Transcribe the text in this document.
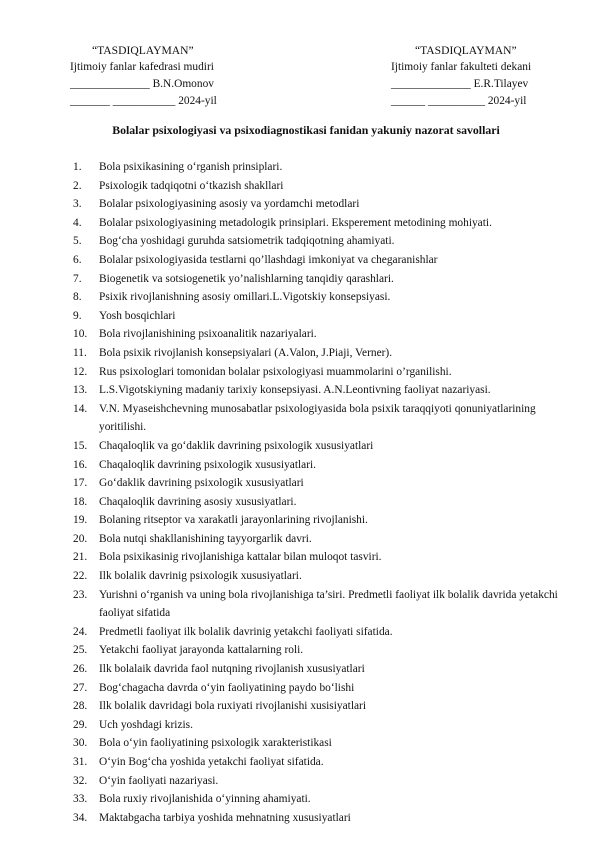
“TASDIQLAYMAN”
Ijtimoiy fanlar kafedrasi mudiri
______________ B.N.Omonov
_______ ___________ 2024-yil
“TASDIQLAYMAN”
Ijtimoiy fanlar fakulteti dekani
______________ E.R.Tilayev
______ __________ 2024-yil
Bolalar psixologiyasi va psixodiagnostikasi fanidan yakuniy nazorat savollari
1.	Bola psixikasining o‘rganish prinsiplari.
2.	Psixologik tadqiqotni o‘tkazish shakllari
3.	Bolalar psixologiyasining asosiy va yordamchi metodlari
4.	Bolalar psixologiyasining metadologik prinsiplari. Eksperement metodining mohiyati.
5.	Bog‘cha yoshidagi guruhda satsiometrik tadqiqotning ahamiyati.
6.	Bolalar psixologiyasida testlarni qo’llashdagi imkoniyat va chegaranishlar
7.	Biogenetik va sotsiogenetik yo’nalishlarning tanqidiy qarashlari.
8.	Psixik rivojlanishning asosiy omillari.L.Vigotskiy konsepsiyasi.
9.	Yosh bosqichlari
10.	Bola rivojlanishining psixoanalitik nazariyalari.
11.	Bola psixik rivojlanish konsepsiyalari (A.Valon, J.Piaji, Verner).
12.	Rus psixologlari tomonidan bolalar psixologiyasi muammolarini o’rganilishi.
13.	L.S.Vigotskiyning madaniy tarixiy konsepsiyasi. A.N.Leontivning faoliyat nazariyasi.
14.	V.N. Myaseishchevning munosabatlar psixologiyasida bola psixik taraqqiyoti qonuniyatlarining yoritilishi.
15.	Chaqaloqlik va go‘daklik davrining psixologik xususiyatlari
16.	Chaqaloqlik davrining psixologik xususiyatlari.
17.	Go‘daklik davrining psixologik xususiyatlari
18.	Chaqaloqlik davrining asosiy xususiyatlari.
19.	Bolaning ritseptor va xarakatli jarayonlarining rivojlanishi.
20.	Bola nutqi shakllanishining tayyorgarlik davri.
21.	Bola psixikasinig rivojlanishiga kattalar bilan muloqot tasviri.
22.	Ilk bolalik davrinig psixologik xususiyatlari.
23.	Yurishni o‘rganish va uning bola rivojlanishiga ta’siri. Predmetli faoliyat ilk bolalik davrida yetakchi faoliyat sifatida
24.	Predmetli faoliyat ilk bolalik davrinig yetakchi faoliyati sifatida.
25.	Yetakchi faoliyat jarayonda kattalarning roli.
26.	Ilk bolalaik davrida faol nutqning rivojlanish xususiyatlari
27.	Bog‘chagacha davrda o‘yin faoliyatining paydo bo‘lishi
28.	Ilk bolalik davridagi bola ruxiyati rivojlanishi xusisiyatlari
29.	Uch yoshdagi krizis.
30.	Bola o‘yin faoliyatining psixologik xarakteristikasi
31.	O‘yin Bog‘cha yoshida yetakchi faoliyat sifatida.
32.	O‘yin faoliyati nazariyasi.
33.	Bola ruxiy rivojlanishida o‘yinning ahamiyati.
34.	Maktabgacha tarbiya yoshida mehnatning xususiyatlari
